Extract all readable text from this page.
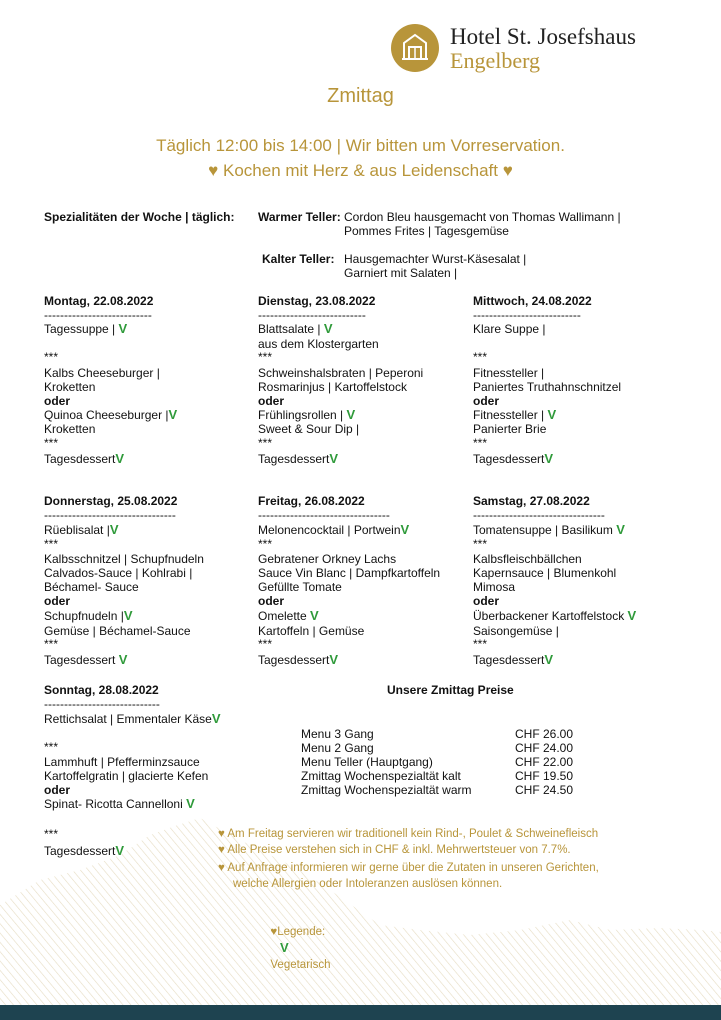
Hotel St. Josefshaus
Engelberg
Zmittag
Täglich 12:00 bis 14:00 | Wir bitten um Vorreservation.
♥ Kochen mit Herz & aus Leidenschaft ♥
Spezialitäten der Woche | täglich: Warmer Teller: Cordon Bleu hausgemacht von Thomas Wallimann |
Pommes Frites | Tagesgemüse
Kalter Teller: Hausgemachter Wurst-Käsesalat |
Garniert mit Salaten |
Montag, 22.08.2022
---------------------------
Tagessuppe | V
***
Kalbs Cheeseburger |
Kroketten
oder
Quinoa Cheeseburger |V
Kroketten
***
TagesdessertV
Dienstag, 23.08.2022
---------------------------
Blattsalate | V
aus dem Klostergarten
***
Schweinshalsbraten | Peperoni
Rosmarinjus | Kartoffelstock
oder
Frühlingsrollen | V
Sweet & Sour Dip |
***
TagesdessertV
Mittwoch, 24.08.2022
---------------------------
Klare Suppe |
***
Fitnessteller |
Paniertes Truthahnschnitzel
oder
Fitnessteller | V
Panierter Brie
***
TagesdessertV
Donnerstag, 25.08.2022
---------------------------------
Rüeblisalat |V
***
Kalbsschnitzel | Schupfnudeln
Calvados-Sauce | Kohlrabi |
Béchamel- Sauce
oder
Schupfnudeln |V
Gemüse | Béchamel-Sauce
***
Tagesdessert V
Freitag, 26.08.2022
---------------------------------
Melonencocktail | PortweinV
***
Gebratener Orkney Lachs
Sauce Vin Blanc | Dampfkartoffeln
Gefüllte Tomate
oder
Omelette V
Kartoffeln | Gemüse
***
TagesdessertV
Samstag, 27.08.2022
---------------------------------
Tomatensuppe | Basilikum V
***
Kalbsfleischbällchen
Kapernsauce | Blumenkohl
Mimosa
oder
Überbackener Kartoffelstock V
Saisongemüse |
***
TagesdessertV
Sonntag, 28.08.2022
-----------------------------
Rettichsalat | Emmentaler KäseV
***
Lammhuft | Pfefferminzsauce
Kartoffelgratin | glacierte Kefen
oder
Spinat- Ricotta Cannelloni V
***
TagesdessertV
Unsere Zmittag Preise
Menu 3 Gang	CHF 26.00
Menu 2 Gang	CHF 24.00
Menu Teller (Hauptgang)	CHF 22.00
Zmittag Wochenspezialtät kalt	CHF 19.50
Zmittag Wochenspezialtät warm	CHF 24.50
♥ Am Freitag servieren wir traditionell kein Rind-, Poulet & Schweinefleisch
♥ Alle Preise verstehen sich in CHF & inkl. Mehrwertsteuer von 7.7%.
♥ Auf Anfrage informieren wir gerne über die Zutaten in unseren Gerichten,
welche Allergien oder Intoleranzen auslösen können.

♥Legende:
V
Vegetarisch
